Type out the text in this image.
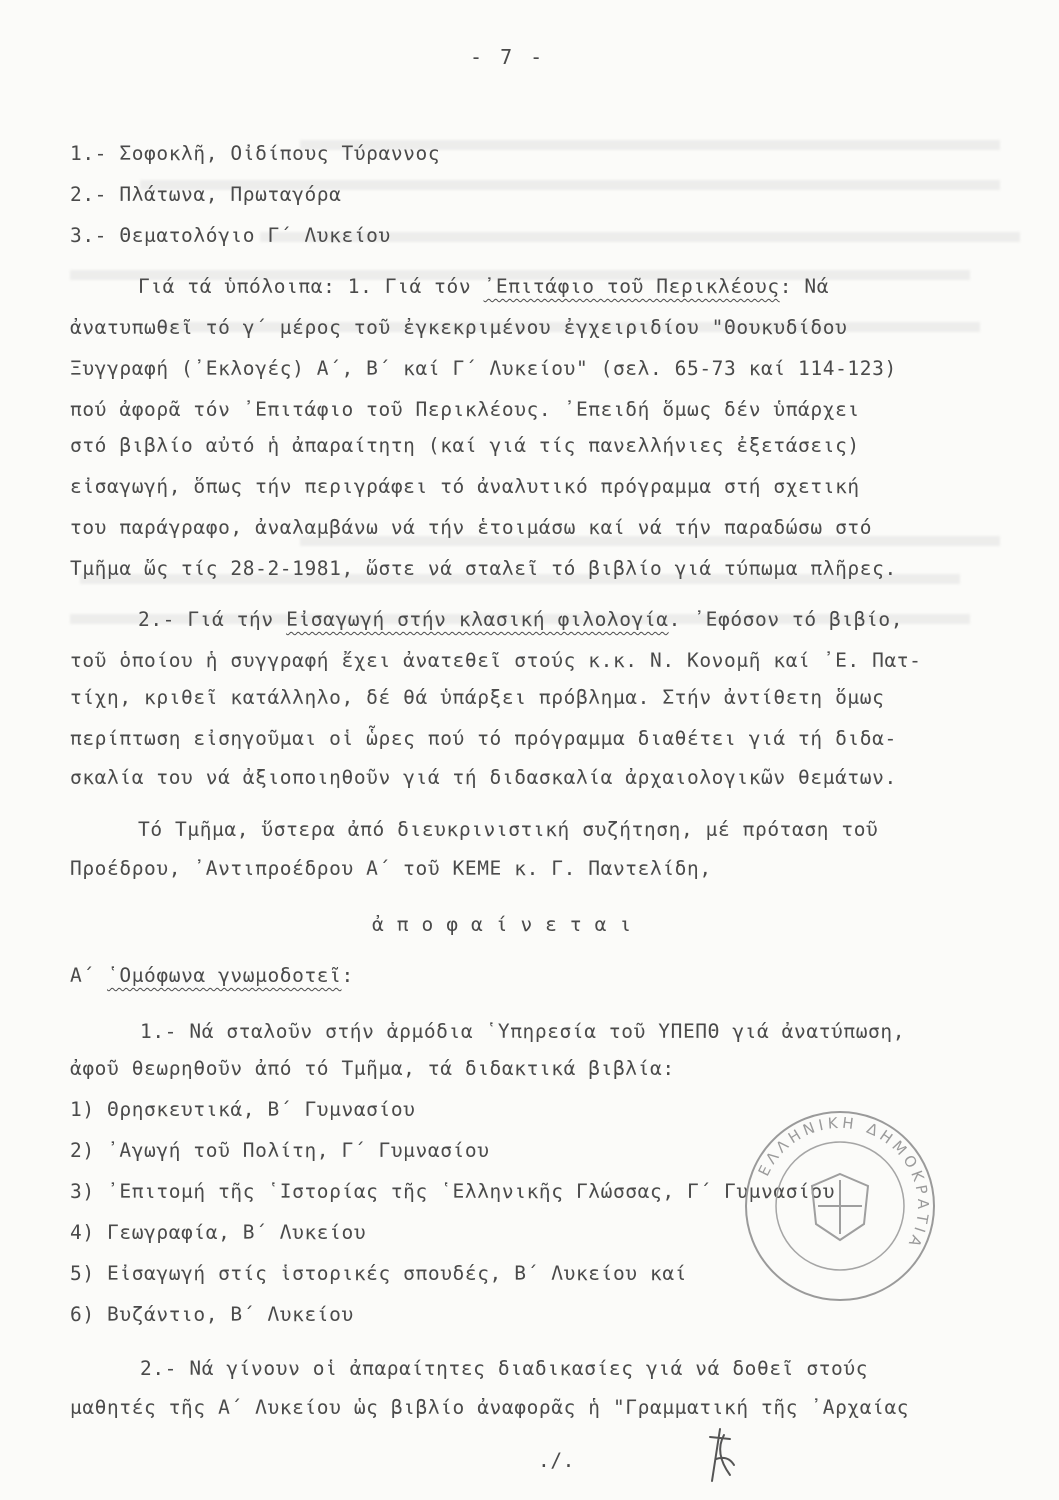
- 7 -
1.- Σοφοκλῆ, Οἰδίπους Τύραννος
2.- Πλάτωνα, Πρωταγόρα
3.- Θεματολόγιο Γ΄ Λυκείου
Γιά τά ὑπόλοιπα: 1. Γιά τόν ᾽Επιτάφιο τοῦ Περικλέους: Νά
ἀνατυπωθεῖ τό γ΄ μέρος τοῦ ἐγκεκριμένου ἐγχειριδίου "Θουκυδίδου
Ξυγγραφή (᾽Εκλογές) Α΄, Β΄ καί Γ΄ Λυκείου" (σελ. 65-73 καί 114-123)
πού ἀφορᾶ τόν ᾽Επιτάφιο τοῦ Περικλέους. ᾽Επειδή ὅμως δέν ὑπάρχει
στό βιβλίο αὐτό ἡ ἀπαραίτητη (καί γιά τίς πανελλήνιες ἐξετάσεις)
εἰσαγωγή, ὅπως τήν περιγράφει τό ἀναλυτικό πρόγραμμα στή σχετική
του παράγραφο, ἀναλαμβάνω νά τήν ἑτοιμάσω καί νά τήν παραδώσω στό
Τμῆμα ὥς τίς 28-2-1981, ὥστε νά σταλεῖ τό βιβλίο γιά τύπωμα πλῆρες.
2.- Γιά τήν Εἰσαγωγή στήν κλασική φιλολογία. ᾽Εφόσον τό βιβίο,
τοῦ ὁποίου ἡ συγγραφή ἔχει ἀνατεθεῖ στούς κ.κ. Ν. Κονομῆ καί ᾽Ε. Πατ-
τίχη, κριθεῖ κατάλληλο, δέ θά ὑπάρξει πρόβλημα. Στήν ἀντίθετη ὅμως
περίπτωση εἰσηγοῦμαι οἱ ὧρες πού τό πρόγραμμα διαθέτει γιά τή διδα-
σκαλία του νά ἀξιοποιηθοῦν γιά τή διδασκαλία ἀρχαιολογικῶν θεμάτων.
Τό Τμῆμα, ὕστερα ἀπό διευκρινιστική συζήτηση, μέ πρόταση τοῦ
Προέδρου, ᾽Αντιπροέδρου Α΄ τοῦ ΚΕΜΕ κ. Γ. Παντελίδη,
ἀποφαίνεται
Α΄ ῾Ομόφωνα γνωμοδοτεῖ:
1.- Νά σταλοῦν στήν ἁρμόδια ῾Υπηρεσία τοῦ ΥΠΕΠΘ γιά ἀνατύπωση,
ἀφοῦ θεωρηθοῦν ἀπό τό Τμῆμα, τά διδακτικά βιβλία:
1) Θρησκευτικά, Β΄ Γυμνασίου
2) ᾽Αγωγή τοῦ Πολίτη, Γ΄ Γυμνασίου
3) ᾽Επιτομή τῆς ῾Ιστορίας τῆς ῾Ελληνικῆς Γλώσσας, Γ΄ Γυμνασίου
4) Γεωγραφία, Β΄ Λυκείου
5) Εἰσαγωγή στίς ἱστορικές σπουδές, Β΄ Λυκείου καί
6) Βυζάντιο, Β΄ Λυκείου
2.- Νά γίνουν οἱ ἀπαραίτητες διαδικασίες γιά νά δοθεῖ στούς
μαθητές τῆς Α΄ Λυκείου ὡς βιβλίο ἀναφορᾶς ἡ "Γραμματική τῆς ᾽Αρχαίας
./.
ΕΛΛΗΝΙΚΗ ΔΗΜΟΚΡΑΤΙΑ
